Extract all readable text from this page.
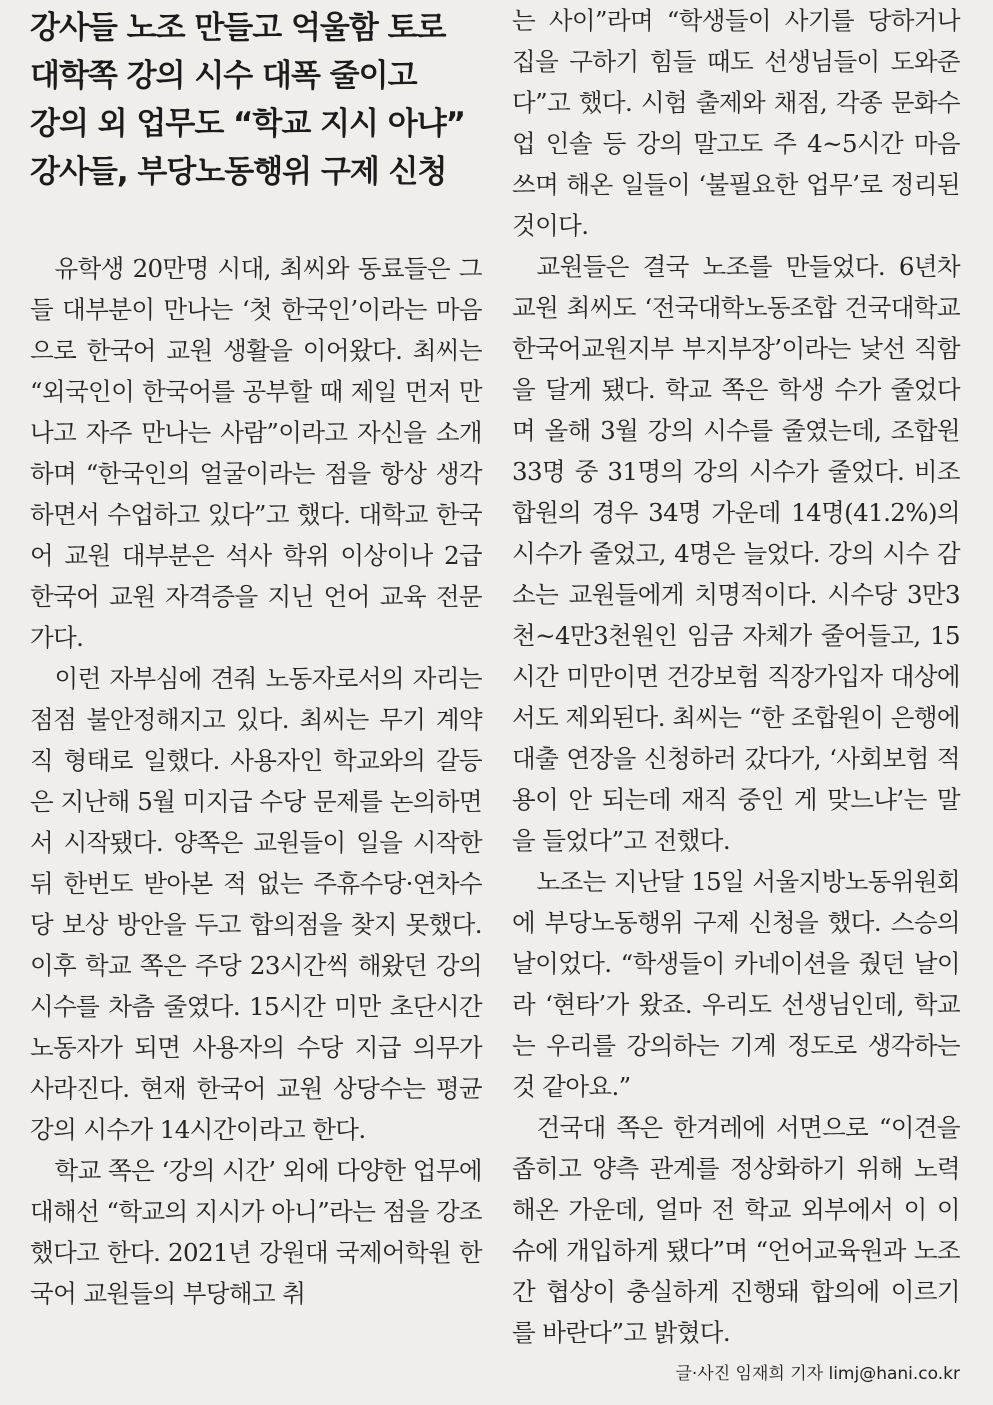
강사들 노조 만들고 억울함 토로
대학쪽 강의 시수 대폭 줄이고
강의 외 업무도 “학교 지시 아냐”
강사들, 부당노동행위 구제 신청

유학생 20만명 시대, 최씨와 동료들은 그들 대부분이 만나는 ‘첫 한국인’이라는 마음으로 한국어 교원 생활을 이어왔다. 최씨는 “외국인이 한국어를 공부할 때 제일 먼저 만나고 자주 만나는 사람”이라고 자신을 소개하며 “한국인의 얼굴이라는 점을 항상 생각하면서 수업하고 있다”고 했다. 대학교 한국어 교원 대부분은 석사 학위 이상이나 2급 한국어 교원 자격증을 지닌 언어 교육 전문가다.

이런 자부심에 견줘 노동자로서의 자리는 점점 불안정해지고 있다. 최씨는 무기 계약직 형태로 일했다. 사용자인 학교와의 갈등은 지난해 5월 미지급 수당 문제를 논의하면서 시작됐다. 양쪽은 교원들이 일을 시작한 뒤 한번도 받아본 적 없는 주휴수당·연차수당 보상 방안을 두고 합의점을 찾지 못했다. 이후 학교 쪽은 주당 23시간씩 해왔던 강의 시수를 차츰 줄였다. 15시간 미만 초단시간 노동자가 되면 사용자의 수당 지급 의무가 사라진다. 현재 한국어 교원 상당수는 평균 강의 시수가 14시간이라고 한다.

학교 쪽은 ‘강의 시간’ 외에 다양한 업무에 대해선 “학교의 지시가 아니”라는 점을 강조했다고 한다. 2021년 강원대 국제어학원 한국어 교원들의 부당해고 취

는 사이”라며 “학생들이 사기를 당하거나 집을 구하기 힘들 때도 선생님들이 도와준다”고 했다. 시험 출제와 채점, 각종 문화수업 인솔 등 강의 말고도 주 4~5시간 마음 쓰며 해온 일들이 ‘불필요한 업무’로 정리된 것이다.

교원들은 결국 노조를 만들었다. 6년차 교원 최씨도 ‘전국대학노동조합 건국대학교 한국어교원지부 부지부장’이라는 낯선 직함을 달게 됐다. 학교 쪽은 학생 수가 줄었다며 올해 3월 강의 시수를 줄였는데, 조합원 33명 중 31명의 강의 시수가 줄었다. 비조합원의 경우 34명 가운데 14명(41.2%)의 시수가 줄었고, 4명은 늘었다. 강의 시수 감소는 교원들에게 치명적이다. 시수당 3만3천~4만3천원인 임금 자체가 줄어들고, 15시간 미만이면 건강보험 직장가입자 대상에서도 제외된다. 최씨는 “한 조합원이 은행에 대출 연장을 신청하러 갔다가, ‘사회보험 적용이 안 되는데 재직 중인 게 맞느냐’는 말을 들었다”고 전했다.

노조는 지난달 15일 서울지방노동위원회에 부당노동행위 구제 신청을 했다. 스승의 날이었다. “학생들이 카네이션을 줬던 날이라 ‘현타’가 왔죠. 우리도 선생님인데, 학교는 우리를 강의하는 기계 정도로 생각하는 것 같아요.”

건국대 쪽은 한겨레에 서면으로 “이견을 좁히고 양측 관계를 정상화하기 위해 노력해온 가운데, 얼마 전 학교 외부에서 이 이슈에 개입하게 됐다”며 “언어교육원과 노조 간 협상이 충실하게 진행돼 합의에 이르기를 바란다”고 밝혔다.

글·사진 임재희 기자 limj@hani.co.kr
